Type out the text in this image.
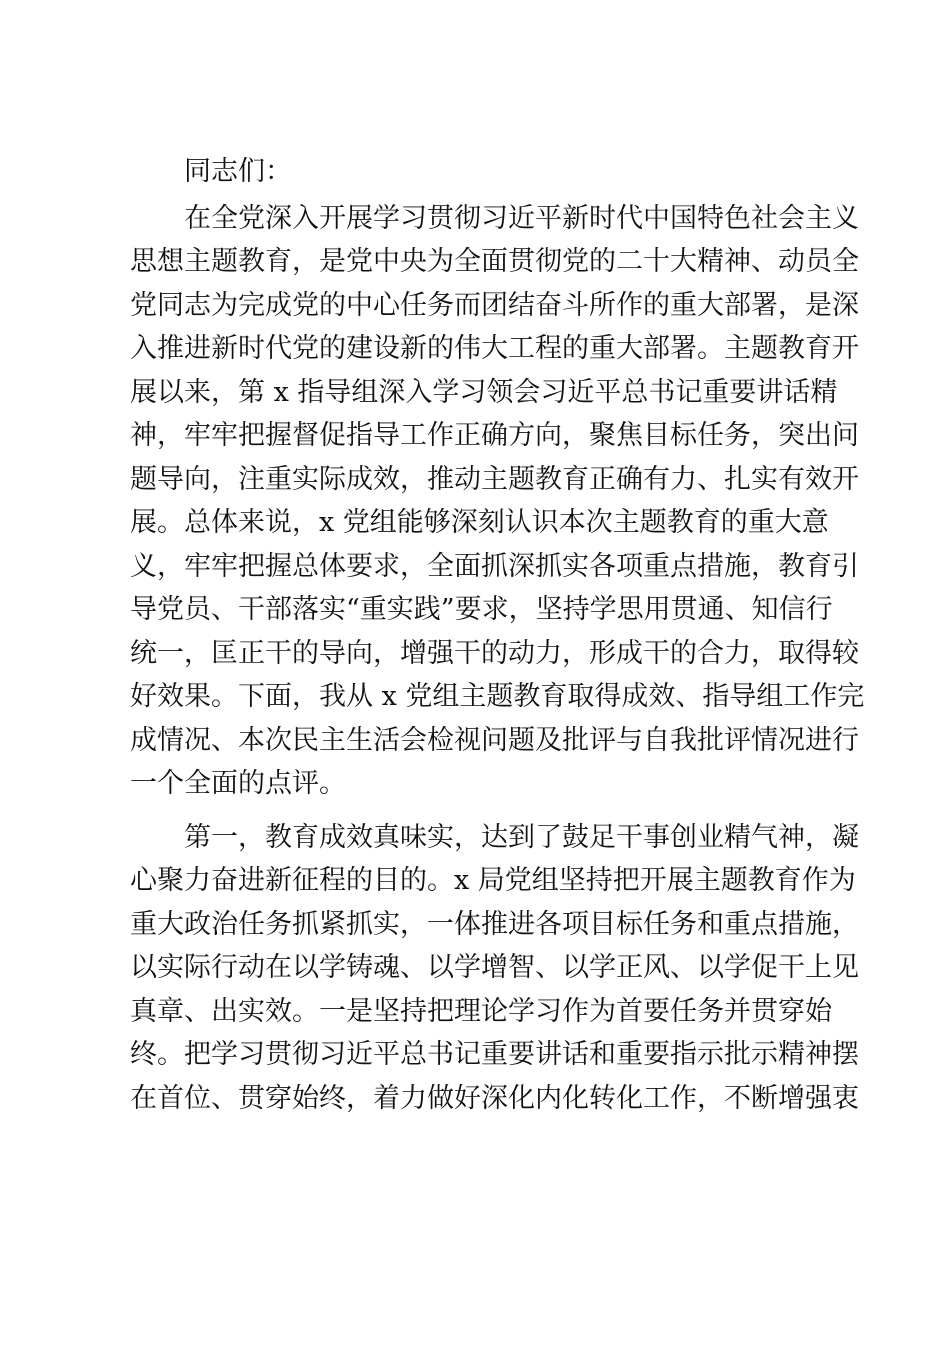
同志们：
在全党深入开展学习贯彻习近平新时代中国特色社会主义
思想主题教育，是党中央为全面贯彻党的二十大精神、动员全
党同志为完成党的中心任务而团结奋斗所作的重大部署，是深
入推进新时代党的建设新的伟大工程的重大部署。主题教育开
展以来，第 x 指导组深入学习领会习近平总书记重要讲话精
神，牢牢把握督促指导工作正确方向，聚焦目标任务，突出问
题导向，注重实际成效，推动主题教育正确有力、扎实有效开
展。总体来说，x 党组能够深刻认识本次主题教育的重大意
义，牢牢把握总体要求，全面抓深抓实各项重点措施，教育引
导党员、干部落实“重实践”要求，坚持学思用贯通、知信行
统一，匡正干的导向，增强干的动力，形成干的合力，取得较
好效果。下面，我从 x 党组主题教育取得成效、指导组工作完
成情况、本次民主生活会检视问题及批评与自我批评情况进行
一个全面的点评。
第一，教育成效真味实，达到了鼓足干事创业精气神，凝
心聚力奋进新征程的目的。x 局党组坚持把开展主题教育作为
重大政治任务抓紧抓实，一体推进各项目标任务和重点措施，
以实际行动在以学铸魂、以学增智、以学正风、以学促干上见
真章、出实效。一是坚持把理论学习作为首要任务并贯穿始
终。把学习贯彻习近平总书记重要讲话和重要指示批示精神摆
在首位、贯穿始终，着力做好深化内化转化工作，不断增强衷
